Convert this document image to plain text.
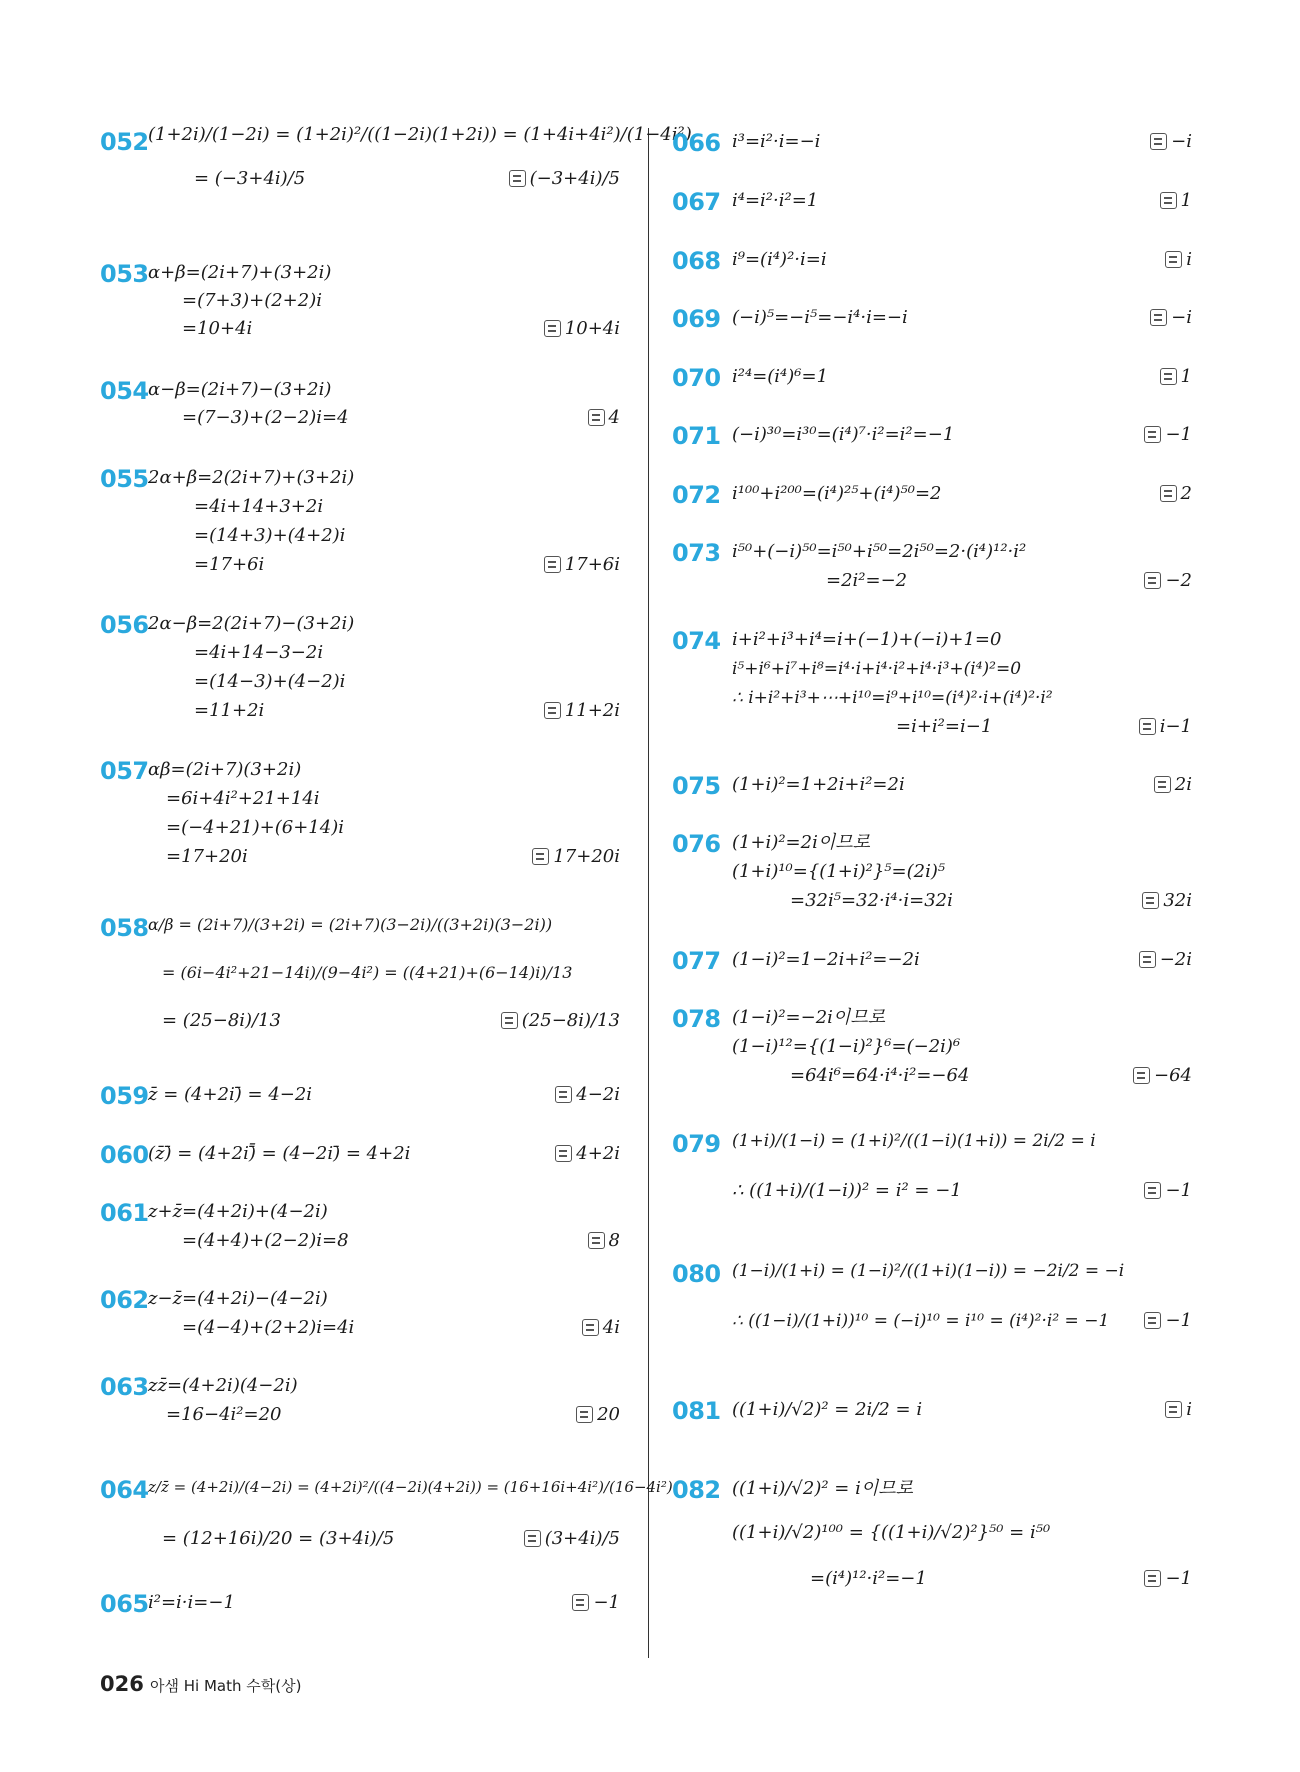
052 (1+2i)/(1−2i) = (1+2i)²/((1−2i)(1+2i)) = (1+4i+4i²)/(1−4i²)
= (−3+4i)/5	(−3+4i)/5
053 α+β=(2i+7)+(3+2i)
=(7+3)+(2+2)i
=10+4i	10+4i
054 α−β=(2i+7)−(3+2i)
=(7−3)+(2−2)i=4	4
055 2α+β=2(2i+7)+(3+2i)
=4i+14+3+2i
=(14+3)+(4+2)i
=17+6i	17+6i
056 2α−β=2(2i+7)−(3+2i)
=4i+14−3−2i
=(14−3)+(4−2)i
=11+2i	11+2i
057 αβ=(2i+7)(3+2i)
=6i+4i²+21+14i
=(−4+21)+(6+14)i
=17+20i	17+20i
058 α/β = (2i+7)/(3+2i) = (2i+7)(3−2i)/((3+2i)(3−2i))
= (6i−4i²+21−14i)/(9−4i²) = ((4+21)+(6−14)i)/13
= (25−8i)/13	(25−8i)/13
059 z̄ = (4+2i)̄ = 4−2i	4−2i
060 (z̄)̄ = (4+2i)̄̄ = (4−2i)̄ = 4+2i	4+2i
061 z+z̄=(4+2i)+(4−2i)
=(4+4)+(2−2)i=8	8
062 z−z̄=(4+2i)−(4−2i)
=(4−4)+(2+2)i=4i	4i
063 zz̄=(4+2i)(4−2i)
=16−4i²=20	20
064 z/z̄ = (4+2i)/(4−2i) = (4+2i)²/((4−2i)(4+2i)) = (16+16i+4i²)/(16−4i²)
= (12+16i)/20 = (3+4i)/5	(3+4i)/5
065 i²=i·i=−1	−1
066 i³=i²·i=−i	−i
067 i⁴=i²·i²=1	1
068 i⁹=(i⁴)²·i=i	i
069 (−i)⁵=−i⁵=−i⁴·i=−i	−i
070 i²⁴=(i⁴)⁶=1	1
071 (−i)³⁰=i³⁰=(i⁴)⁷·i²=i²=−1	−1
072 i¹⁰⁰+i²⁰⁰=(i⁴)²⁵+(i⁴)⁵⁰=2	2
073 i⁵⁰+(−i)⁵⁰=i⁵⁰+i⁵⁰=2i⁵⁰=2·(i⁴)¹²·i²
=2i²=−2	−2
074 i+i²+i³+i⁴=i+(−1)+(−i)+1=0
i⁵+i⁶+i⁷+i⁸=i⁴·i+i⁴·i²+i⁴·i³+(i⁴)²=0
∴ i+i²+i³+⋯+i¹⁰=i⁹+i¹⁰=(i⁴)²·i+(i⁴)²·i²
=i+i²=i−1	i−1
075 (1+i)²=1+2i+i²=2i	2i
076 (1+i)²=2i이므로
(1+i)¹⁰={(1+i)²}⁵=(2i)⁵
=32i⁵=32·i⁴·i=32i	32i
077 (1−i)²=1−2i+i²=−2i	−2i
078 (1−i)²=−2i이므로
(1−i)¹²={(1−i)²}⁶=(−2i)⁶
=64i⁶=64·i⁴·i²=−64	−64
079 (1+i)/(1−i) = (1+i)²/((1−i)(1+i)) = 2i/2 = i
∴ ((1+i)/(1−i))² = i² = −1	−1
080 (1−i)/(1+i) = (1−i)²/((1+i)(1−i)) = −2i/2 = −i
∴ ((1−i)/(1+i))¹⁰ = (−i)¹⁰ = i¹⁰ = (i⁴)²·i² = −1	−1
081 ((1+i)/√2)² = 2i/2 = i	i
082 ((1+i)/√2)² = i이므로
((1+i)/√2)¹⁰⁰ = {((1+i)/√2)²}⁵⁰ = i⁵⁰
=(i⁴)¹²·i²=−1	−1
026 아샘 Hi Math 수학(상)
